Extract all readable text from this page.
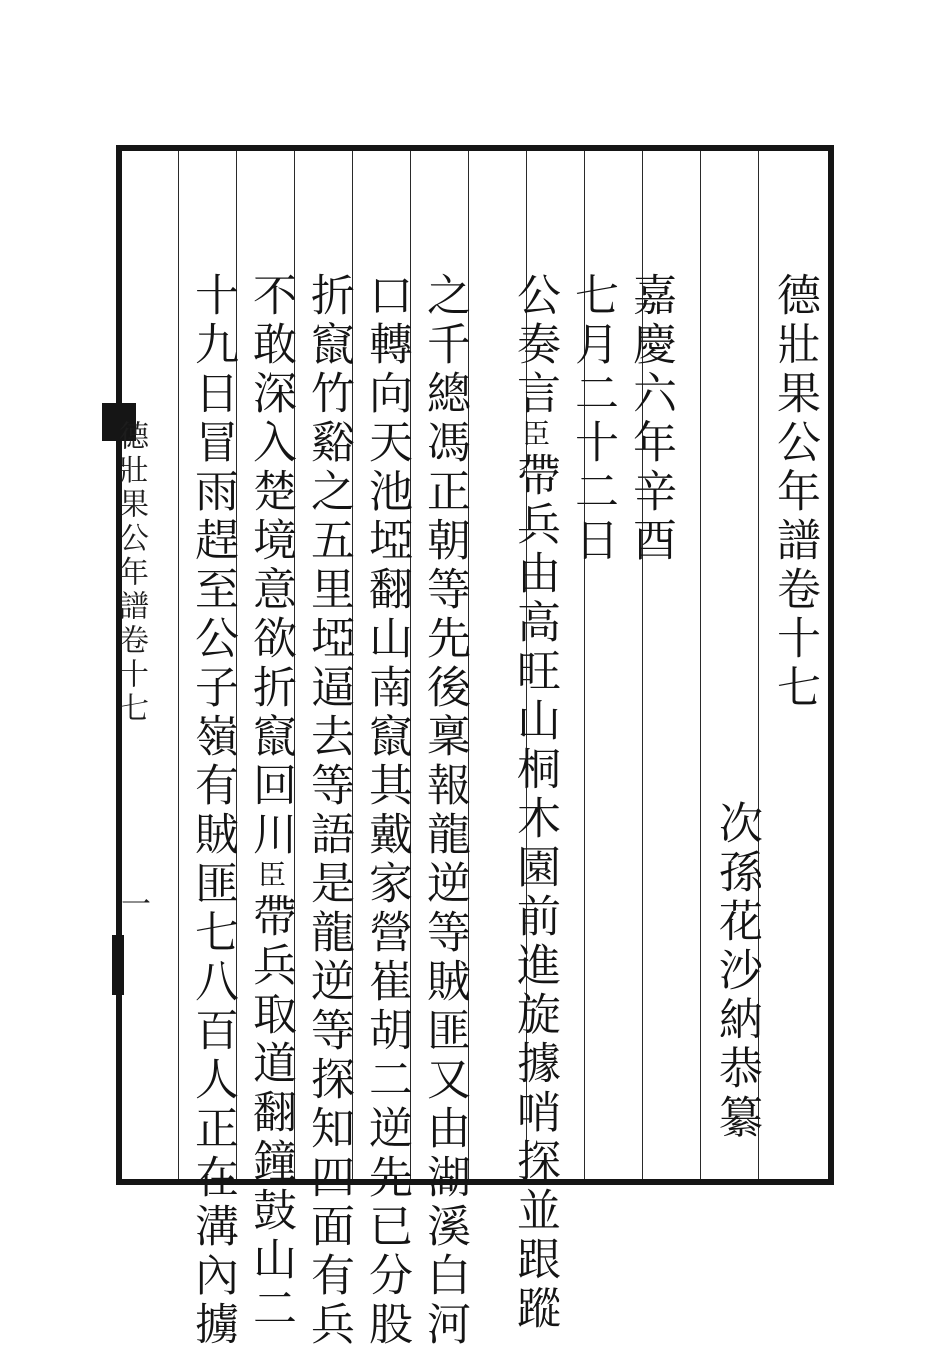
德壯果公年譜卷十七
次孫花沙納恭纂
嘉慶六年辛酉
七月二十二日
公奏言$^臣$帶兵由高旺山桐木園前進旋據哨探並跟蹤
之千總馮正朝等先後稟報龍逆等賊匪又由湖溪白河
口轉向天池埡翻山南竄其戴家營崔胡二逆先已分股
折竄竹谿之五里埡逼去等語是龍逆等探知四面有兵
不敢深入楚境意欲折竄回川$^臣$帶兵取道翻鐘鼓山二
十九日冒雨趕至公子嶺有賊匪七八百人正在溝內擄
德壯果公年譜卷十七
一
